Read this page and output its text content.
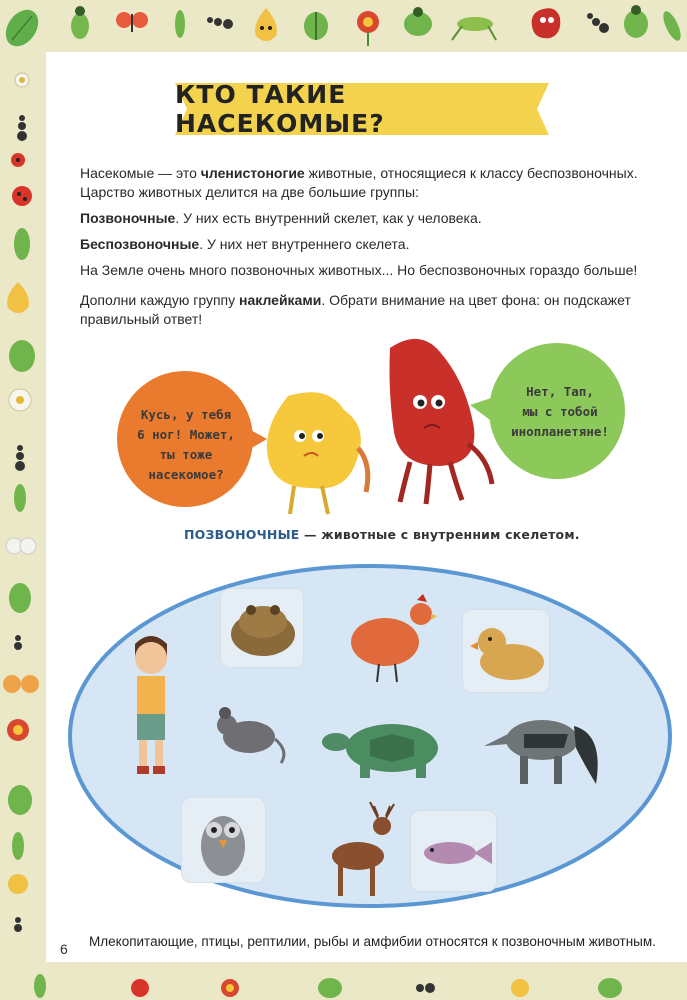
КТО ТАКИЕ НАСЕКОМЫЕ?
Насекомые — это членистоногие животные, относящиеся к классу беспозвоночных.
Царство животных делится на две большие группы:
Позвоночные. У них есть внутренний скелет, как у человека.
Беспозвоночные. У них нет внутреннего скелета.
На Земле очень много позвоночных животных... Но беспозвоночных гораздо больше!
Дополни каждую группу наклейками. Обрати внимание на цвет фона: он подскажет
правильный ответ!
Кусь, у тебя
6 ног! Может,
ты тоже
насекомое?
Нет, Тап,
мы с тобой
инопланетяне!
ПОЗВОНОЧНЫЕ — животные с внутренним скелетом.
6 Млекопитающие, птицы, рептилии, рыбы и амфибии относятся к позвоночным животным.
